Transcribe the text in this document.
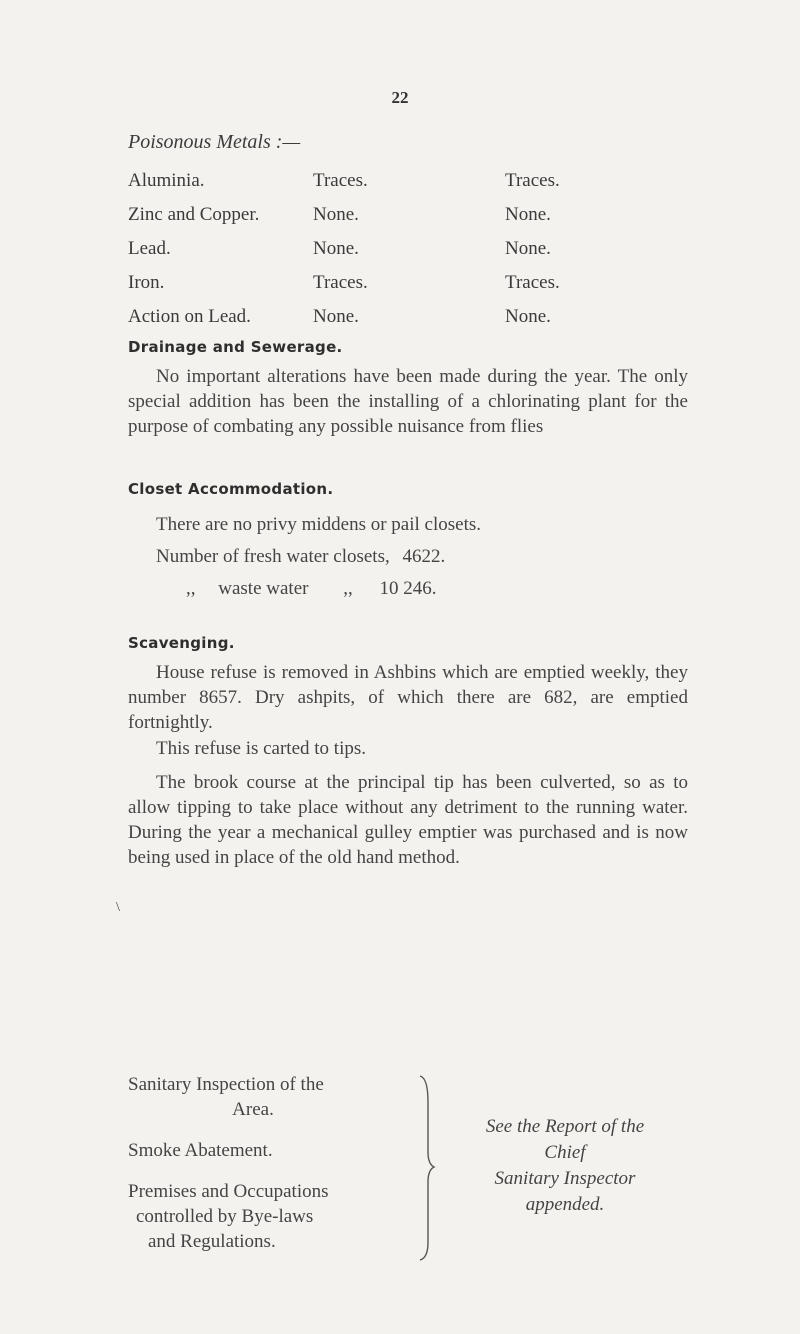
22
Poisonous Metals :—
Aluminia.	Traces.	Traces.
Zinc and Copper.	None.	None.
Lead.	None.	None.
Iron.	Traces.	Traces.
Action on Lead.	None.	None.
Drainage and Sewerage.
No important alterations have been made during the year. The only special addition has been the installing of a chlorinating plant for the purpose of combating any possible nuisance from flies
Closet Accommodation.
There are no privy middens or pail closets.
Number of fresh water closets, 4622.
,, waste water ,, 10 246.
Scavenging.
House refuse is removed in Ashbins which are emptied weekly, they number 8657. Dry ashpits, of which there are 682, are emptied fortnightly.
\
This refuse is carted to tips.
The brook course at the principal tip has been culverted, so as to allow tipping to take place without any detriment to the running water. During the year a mechanical gulley emptier was purchased and is now being used in place of the old hand method.
Sanitary Inspection of the
Area.
Smoke Abatement.
Premises and Occupations
controlled by Bye-laws
and Regulations.
See the Report of the
Chief
Sanitary Inspector
appended.
